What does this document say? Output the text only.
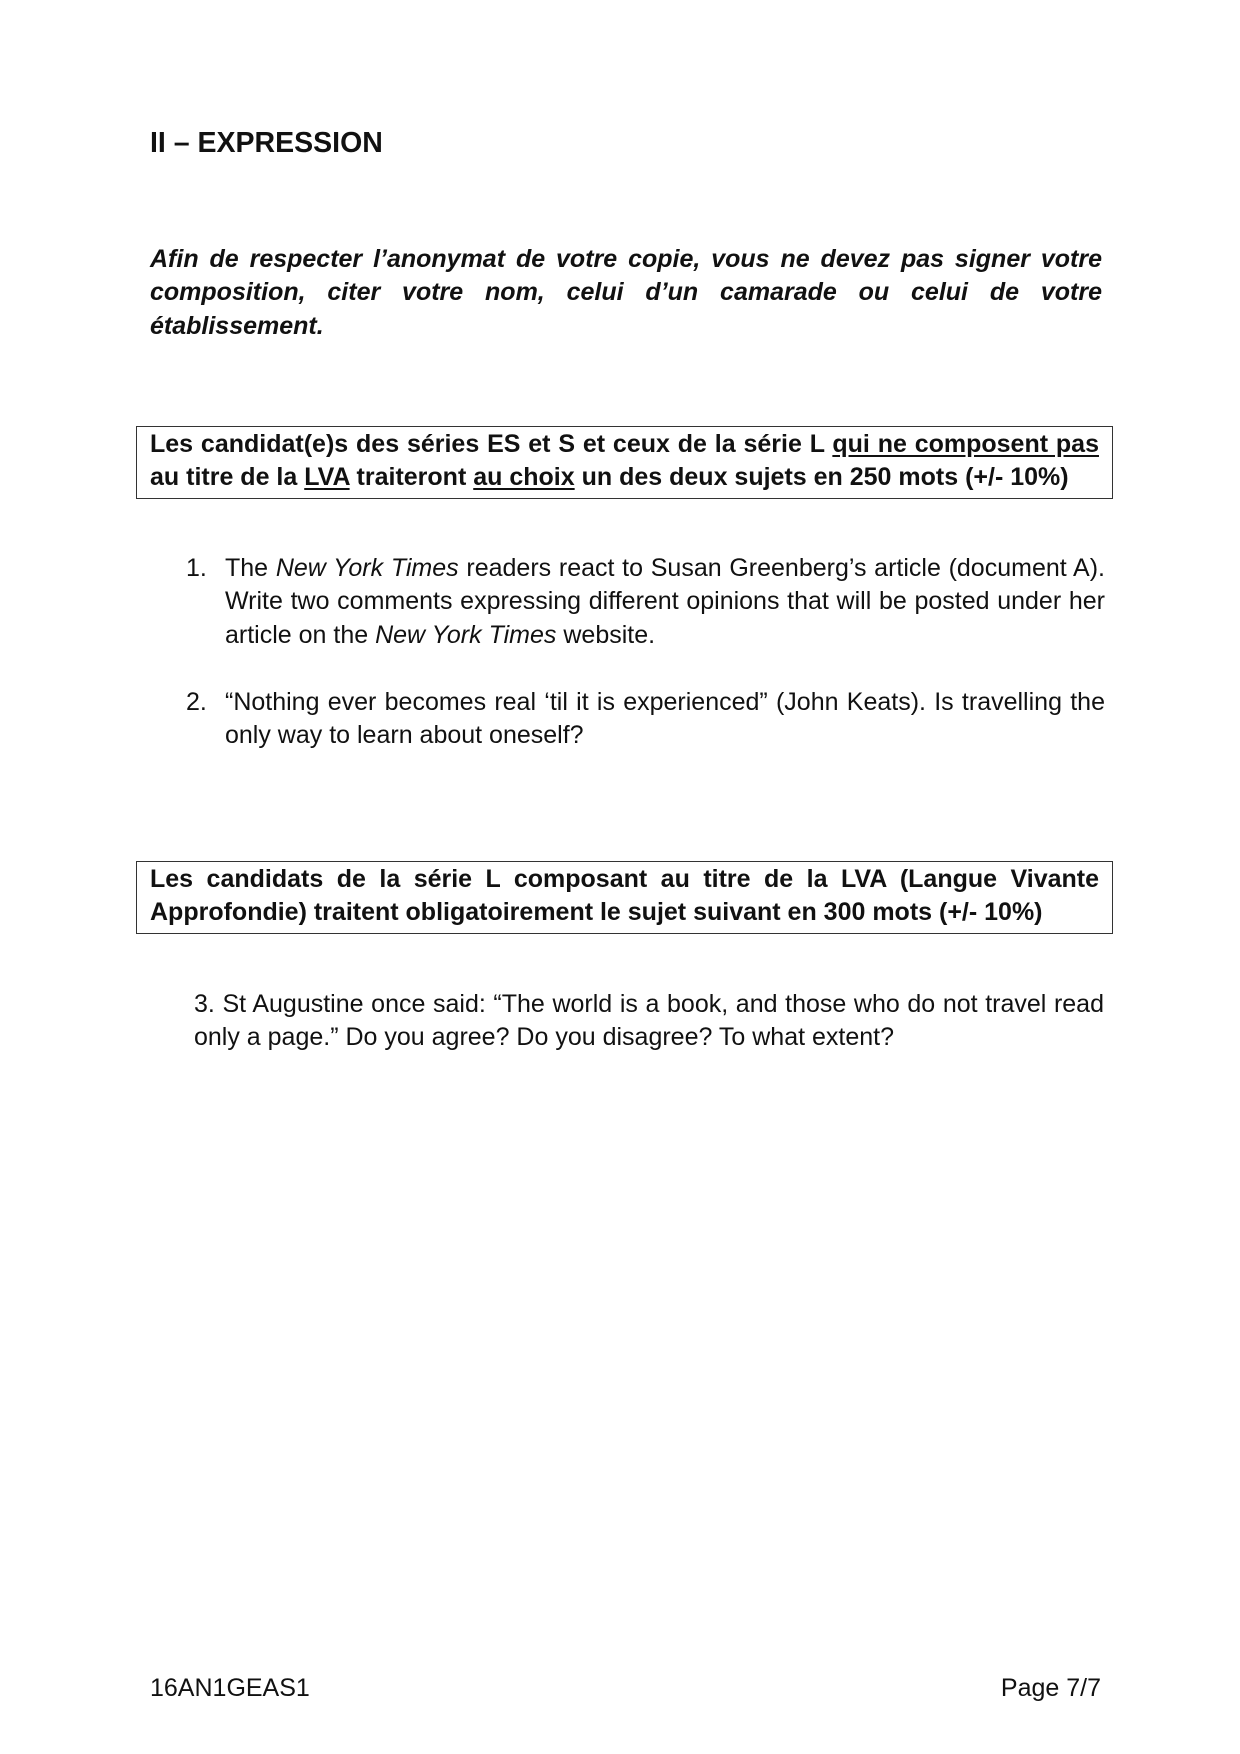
II – EXPRESSION
Afin de respecter l’anonymat de votre copie, vous ne devez pas signer votre
composition, citer votre nom, celui d’un camarade ou celui de votre
établissement.
Les candidat(e)s des séries ES et S et ceux de la série L qui ne composent pas
au titre de la LVA traiteront au choix un des deux sujets en 250 mots (+/- 10%)
1. The New York Times readers react to Susan Greenberg’s article (document A).
Write two comments expressing different opinions that will be posted under her
article on the New York Times website.
2. “Nothing ever becomes real ‘til it is experienced” (John Keats). Is travelling the
only way to learn about oneself?
Les candidats de la série L composant au titre de la LVA (Langue Vivante
Approfondie) traitent obligatoirement le sujet suivant en 300 mots (+/- 10%)
3. St Augustine once said: “The world is a book, and those who do not travel read
only a page.” Do you agree? Do you disagree? To what extent?
16AN1GEAS1	Page 7/7
